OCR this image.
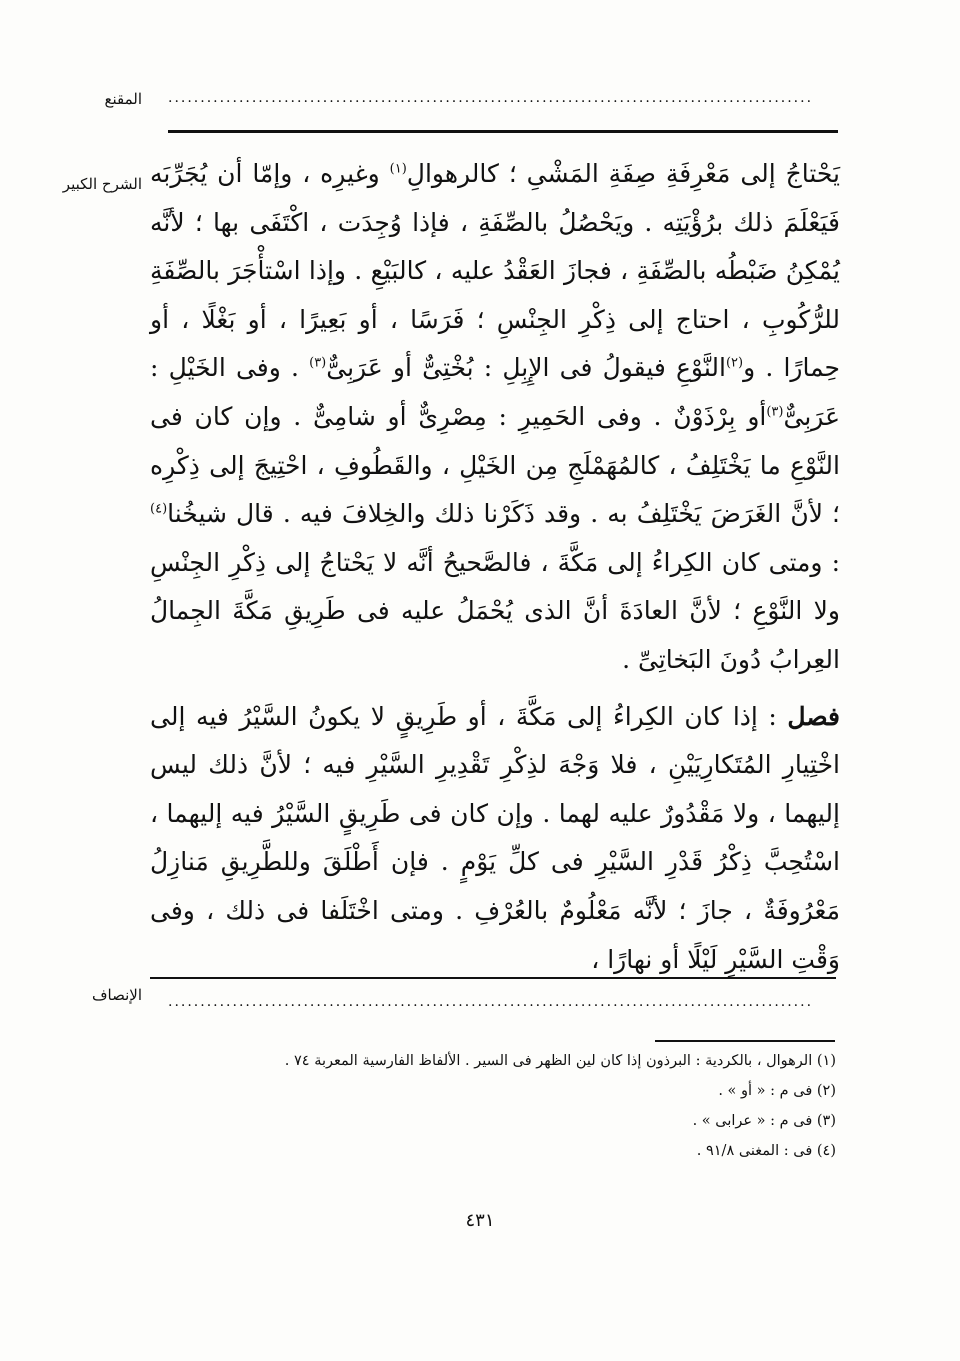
المقنع ....................................................................................................
الشرح الكبير	يَحْتاجُ إلى مَعْرِفَةِ صِفَةِ المَشْىِ ؛ كالرهوالِ$^{(١)}$ وغيرِه ، وإمّا أن يُجَرِّبَه فَيَعْلَمَ ذلك برُؤْيَتِه . ويَحْصُلُ بالصِّفَةِ ، فإذا وُجِدَت ، اكْتَفَى بها ؛ لأنَّه يُمْكِنُ ضَبْطُه بالصِّفَةِ ، فجازَ العَقْدُ عليه ، كالبَيْعِ . وإذا اسْتأْجَرَ بالصِّفَةِ للرُّكُوبِ ، احتاج إلى ذِكْرِ الجِنْسِ ؛ فَرَسًا ، أو بَعِيرًا ، أو بَغْلًا ، أو حِمارًا . و$^{(٢)}$النَّوْعِ فيقولُ فى الإِبِلِ : بُخْتِىٌّ أو عَرَبِىٌّ$^{(٣)}$ . وفى الخَيْلِ : عَرَبِىٌّ$^{(٣)}$أو بِرْذَوْنٌ . وفى الحَمِيرِ : مِصْرِىٌّ أو شامِىٌّ . وإن كان فى النَّوْعِ ما يَخْتَلِفُ ، كالمُهَمْلَجِ مِن الخَيْلِ ، والقَطُوفِ ، احْتِيجَ إلى ذِكْرِه ؛ لأنَّ الغَرَضَ يَخْتَلِفُ به . وقد ذَكَرْنا ذلك والخِلافَ فيه . قال شيخُنا$^{(٤)}$ : ومتى كان الكِراءُ إلى مَكَّةَ ، فالصَّحيحُ أنَّه لا يَحْتاجُ إلى ذِكْرِ الجِنْسِ ولا النَّوْعِ ؛ لأنَّ العادَةَ أنَّ الذى يُحْمَلُ عليه فى طَرِيقِ مَكَّةَ الجِمالُ العِرابُ دُونَ البَخاتِىِّ .

فصل : إذا كان الكِراءُ إلى مَكَّةَ ، أو طَرِيقٍ لا يكونُ السَّيْرُ فيه إلى اخْتِيارِ المُتَكارِيَيْنِ ، فلا وَجْهَ لذِكْرِ تَقْدِيرِ السَّيْرِ فيه ؛ لأنَّ ذلك ليس إليهما ، ولا مَقْدُورٌ عليه لهما . وإن كان فى طَرِيقٍ السَّيْرُ فيه إليهما ، اسْتُحِبَّ ذِكْرُ قَدْرِ السَّيْرِ فى كلِّ يَوْمٍ . فإن أَطْلَقَ وللطَّرِيقِ مَنازِلُ مَعْرُوفَةٌ ، جازَ ؛ لأنَّه مَعْلُومٌ بالعُرْفِ . ومتى اخْتَلَفا فى ذلك ، وفى وَقْتِ السَّيْرِ لَيْلًا أو نهارًا ،

الإنصاف ....................................................................................................
(١) الرهوال ، بالكردية : البرذون إذا كان لين الظهر فى السير . الألفاظ الفارسية المعربة ٧٤ .
(٢) فى م : « أو » .
(٣) فى م : « عرابى » .
(٤) فى : المغنى ٩١/٨ .
٤٣١
